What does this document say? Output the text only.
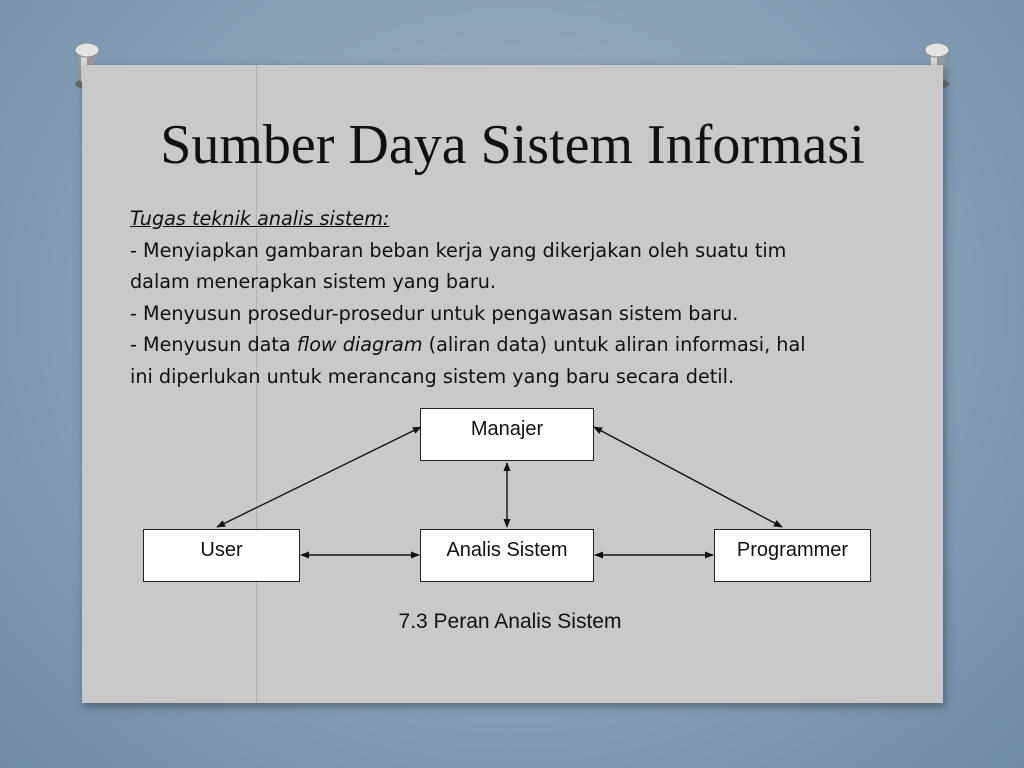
Sumber Daya Sistem Informasi
Tugas teknik analis sistem:
- Menyiapkan gambaran beban kerja yang dikerjakan oleh suatu tim
dalam menerapkan sistem yang baru.
- Menyusun prosedur-prosedur untuk pengawasan sistem baru.
- Menyusun data flow diagram (aliran data) untuk aliran informasi, hal
ini diperlukan untuk merancang sistem yang baru secara detil.
Manajer
User	Analis Sistem	Programmer
7.3 Peran Analis Sistem
